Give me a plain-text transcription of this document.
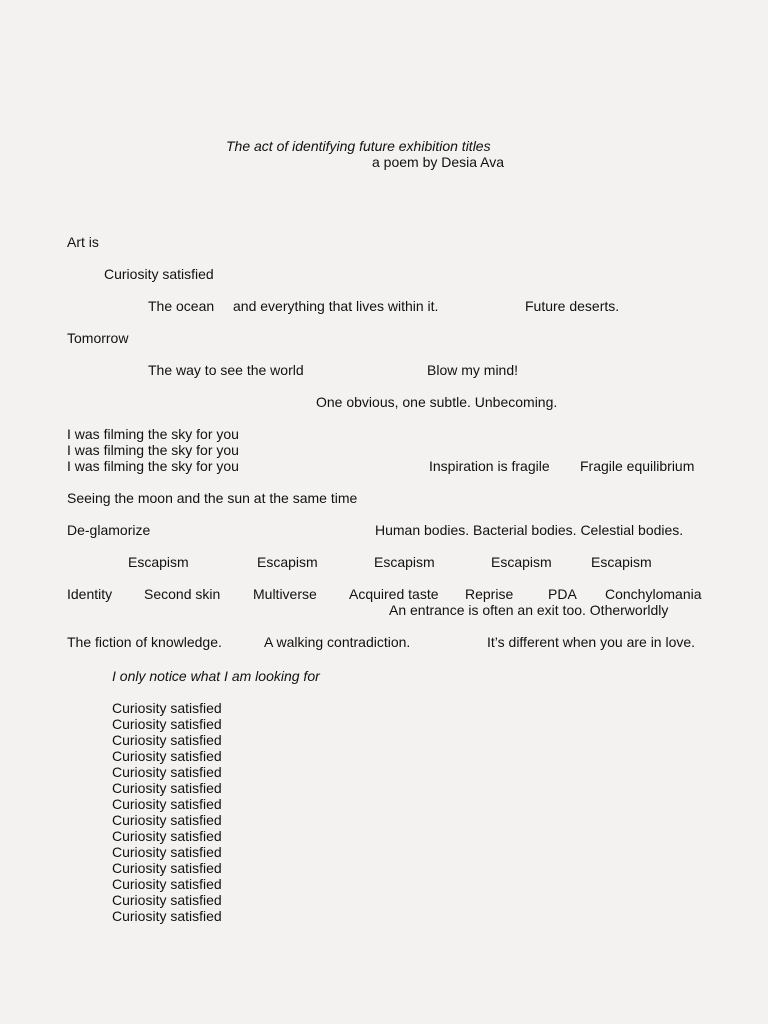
The act of identifying future exhibition titles
a poem by Desia Ava
Art is
Curiosity satisfied
The ocean and everything that lives within it.	Future deserts.
Tomorrow
The way to see the world	Blow my mind!
One obvious, one subtle. Unbecoming.
I was filming the sky for you
I was filming the sky for you
I was filming the sky for you	Inspiration is fragile Fragile equilibrium
Seeing the moon and the sun at the same time
De-glamorize	Human bodies. Bacterial bodies. Celestial bodies.
Escapism	Escapism	Escapism	Escapism	Escapism
Identity Second skin Multiverse Acquired taste Reprise PDA Conchylomania
An entrance is often an exit too. Otherworldly
The fiction of knowledge.	A walking contradiction.	It’s different when you are in love.
I only notice what I am looking for
Curiosity satisfied
Curiosity satisfied
Curiosity satisfied
Curiosity satisfied
Curiosity satisfied
Curiosity satisfied
Curiosity satisfied
Curiosity satisfied
Curiosity satisfied
Curiosity satisfied
Curiosity satisfied
Curiosity satisfied
Curiosity satisfied
Curiosity satisfied
